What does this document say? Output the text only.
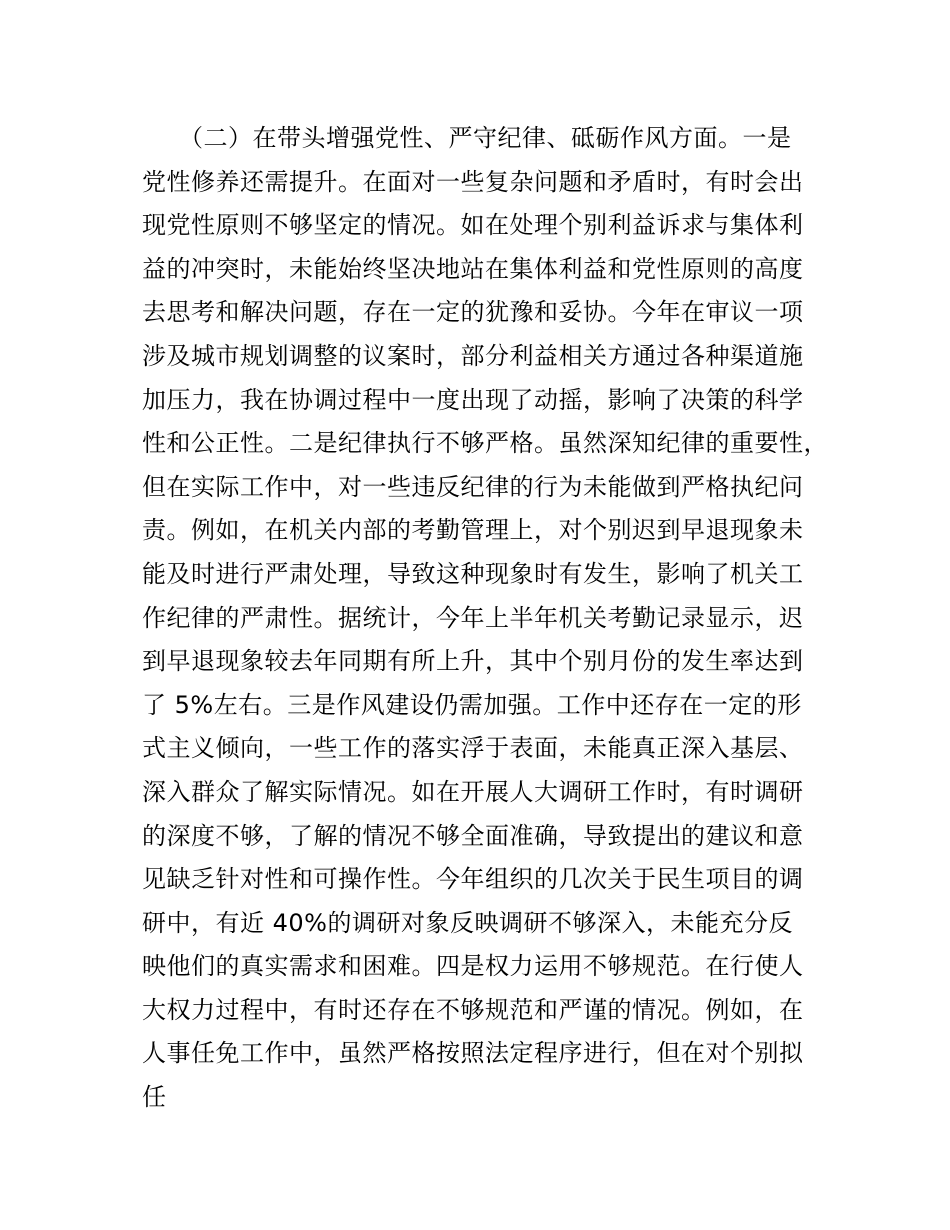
　　（二）在带头增强党性、严守纪律、砥砺作风方面。一是
党性修养还需提升。在面对一些复杂问题和矛盾时，有时会出
现党性原则不够坚定的情况。如在处理个别利益诉求与集体利
益的冲突时，未能始终坚决地站在集体利益和党性原则的高度
去思考和解决问题，存在一定的犹豫和妥协。今年在审议一项
涉及城市规划调整的议案时，部分利益相关方通过各种渠道施
加压力，我在协调过程中一度出现了动摇，影响了决策的科学
性和公正性。二是纪律执行不够严格。虽然深知纪律的重要性，
但在实际工作中，对一些违反纪律的行为未能做到严格执纪问
责。例如，在机关内部的考勤管理上，对个别迟到早退现象未
能及时进行严肃处理，导致这种现象时有发生，影响了机关工
作纪律的严肃性。据统计，今年上半年机关考勤记录显示，迟
到早退现象较去年同期有所上升，其中个别月份的发生率达到
了 5%左右。三是作风建设仍需加强。工作中还存在一定的形
式主义倾向，一些工作的落实浮于表面，未能真正深入基层、
深入群众了解实际情况。如在开展人大调研工作时，有时调研
的深度不够，了解的情况不够全面准确，导致提出的建议和意
见缺乏针对性和可操作性。今年组织的几次关于民生项目的调
研中，有近 40%的调研对象反映调研不够深入，未能充分反
映他们的真实需求和困难。四是权力运用不够规范。在行使人
大权力过程中，有时还存在不够规范和严谨的情况。例如，在
人事任免工作中，虽然严格按照法定程序进行，但在对个别拟
任
